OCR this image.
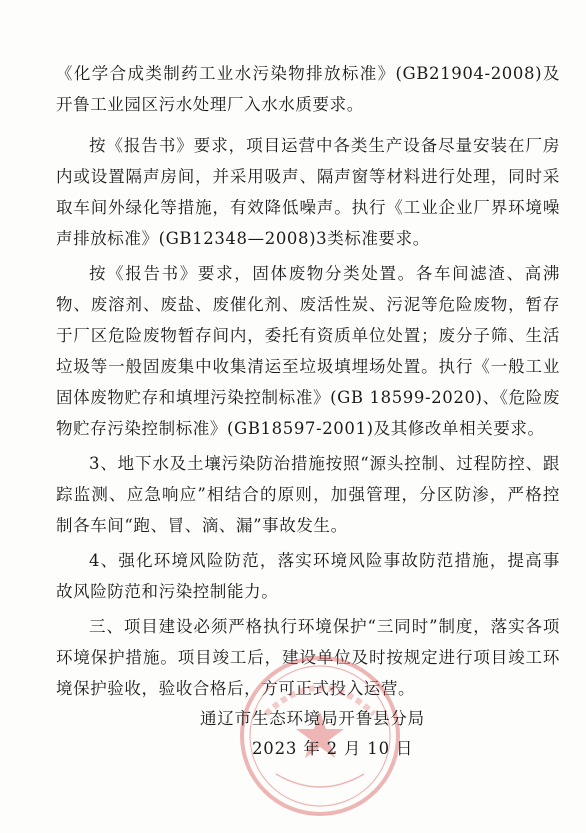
《化学合成类制药工业水污染物排放标准》(GB21904-2008)及开鲁工业园区污水处理厂入水水质要求。

按《报告书》要求，项目运营中各类生产设备尽量安装在厂房内或设置隔声房间，并采用吸声、隔声窗等材料进行处理，同时采取车间外绿化等措施，有效降低噪声。执行《工业企业厂界环境噪声排放标准》(GB12348—2008)3类标准要求。

按《报告书》要求，固体废物分类处置。各车间滤渣、高沸物、废溶剂、废盐、废催化剂、废活性炭、污泥等危险废物，暂存于厂区危险废物暂存间内，委托有资质单位处置；废分子筛、生活垃圾等一般固废集中收集清运至垃圾填埋场处置。执行《一般工业固体废物贮存和填埋污染控制标准》(GB 18599-2020)、《危险废物贮存污染控制标准》(GB18597-2001)及其修改单相关要求。

3、地下水及土壤污染防治措施按照“源头控制、过程防控、跟踪监测、应急响应”相结合的原则，加强管理，分区防渗，严格控制各车间“跑、冒、滴、漏”事故发生。

4、强化环境风险防范，落实环境风险事故防范措施，提高事故风险防范和污染控制能力。

三、项目建设必须严格执行环境保护“三同时”制度，落实各项环境保护措施。项目竣工后，建设单位及时按规定进行项目竣工环境保护验收，验收合格后，方可正式投入运营。

通辽市生态环境局开鲁县分局

2023 年 2 月 10 日
